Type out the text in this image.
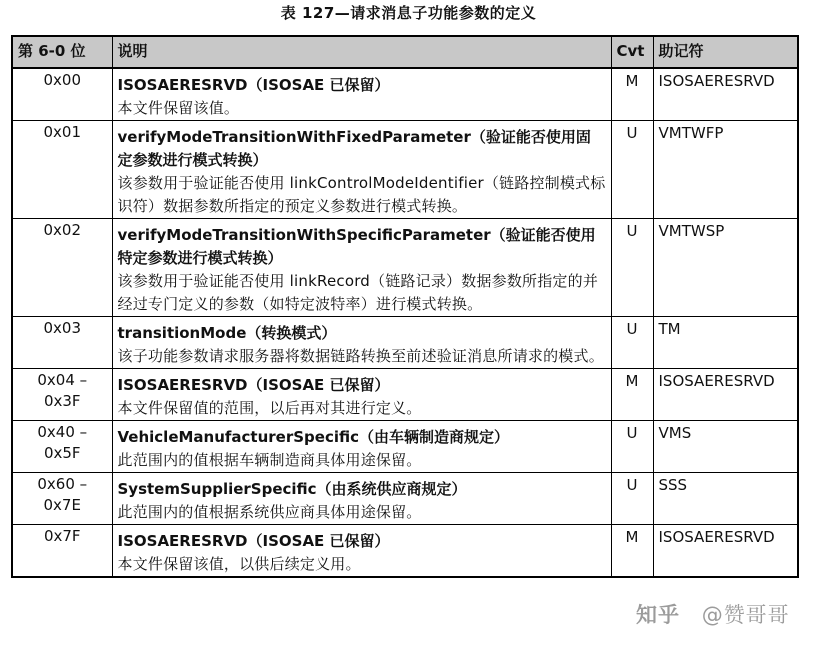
表 127—请求消息子功能参数的定义
第 6-0 位	说明	Cvt	助记符

0x00	ISOSAERESRVD（ISOSAE 已保留）
本文件保留该值。	M	ISOSAERESRVD

0x01	verifyModeTransitionWithFixedParameter（验证能否使用固定参数进行模式转换）
该参数用于验证能否使用 linkControlModeIdentifier（链路控制模式标识符）数据参数所指定的预定义参数进行模式转换。	U	VMTWFP

0x02	verifyModeTransitionWithSpecificParameter（验证能否使用特定参数进行模式转换）
该参数用于验证能否使用 linkRecord（链路记录）数据参数所指定的并经过专门定义的参数（如特定波特率）进行模式转换。	U	VMTWSP

0x03	transitionMode（转换模式）
该子功能参数请求服务器将数据链路转换至前述验证消息所请求的模式。	U	TM

0x04 –
0x3F	ISOSAERESRVD（ISOSAE 已保留）
本文件保留值的范围，以后再对其进行定义。	M	ISOSAERESRVD

0x40 –
0x5F	VehicleManufacturerSpecific（由车辆制造商规定）
此范围内的值根据车辆制造商具体用途保留。	U	VMS

0x60 –
0x7E	SystemSupplierSpecific（由系统供应商规定）
此范围内的值根据系统供应商具体用途保留。	U	SSS

0x7F	ISOSAERESRVD（ISOSAE 已保留）
本文件保留该值，以供后续定义用。	M	ISOSAERESRVD
知乎 @赞哥哥
